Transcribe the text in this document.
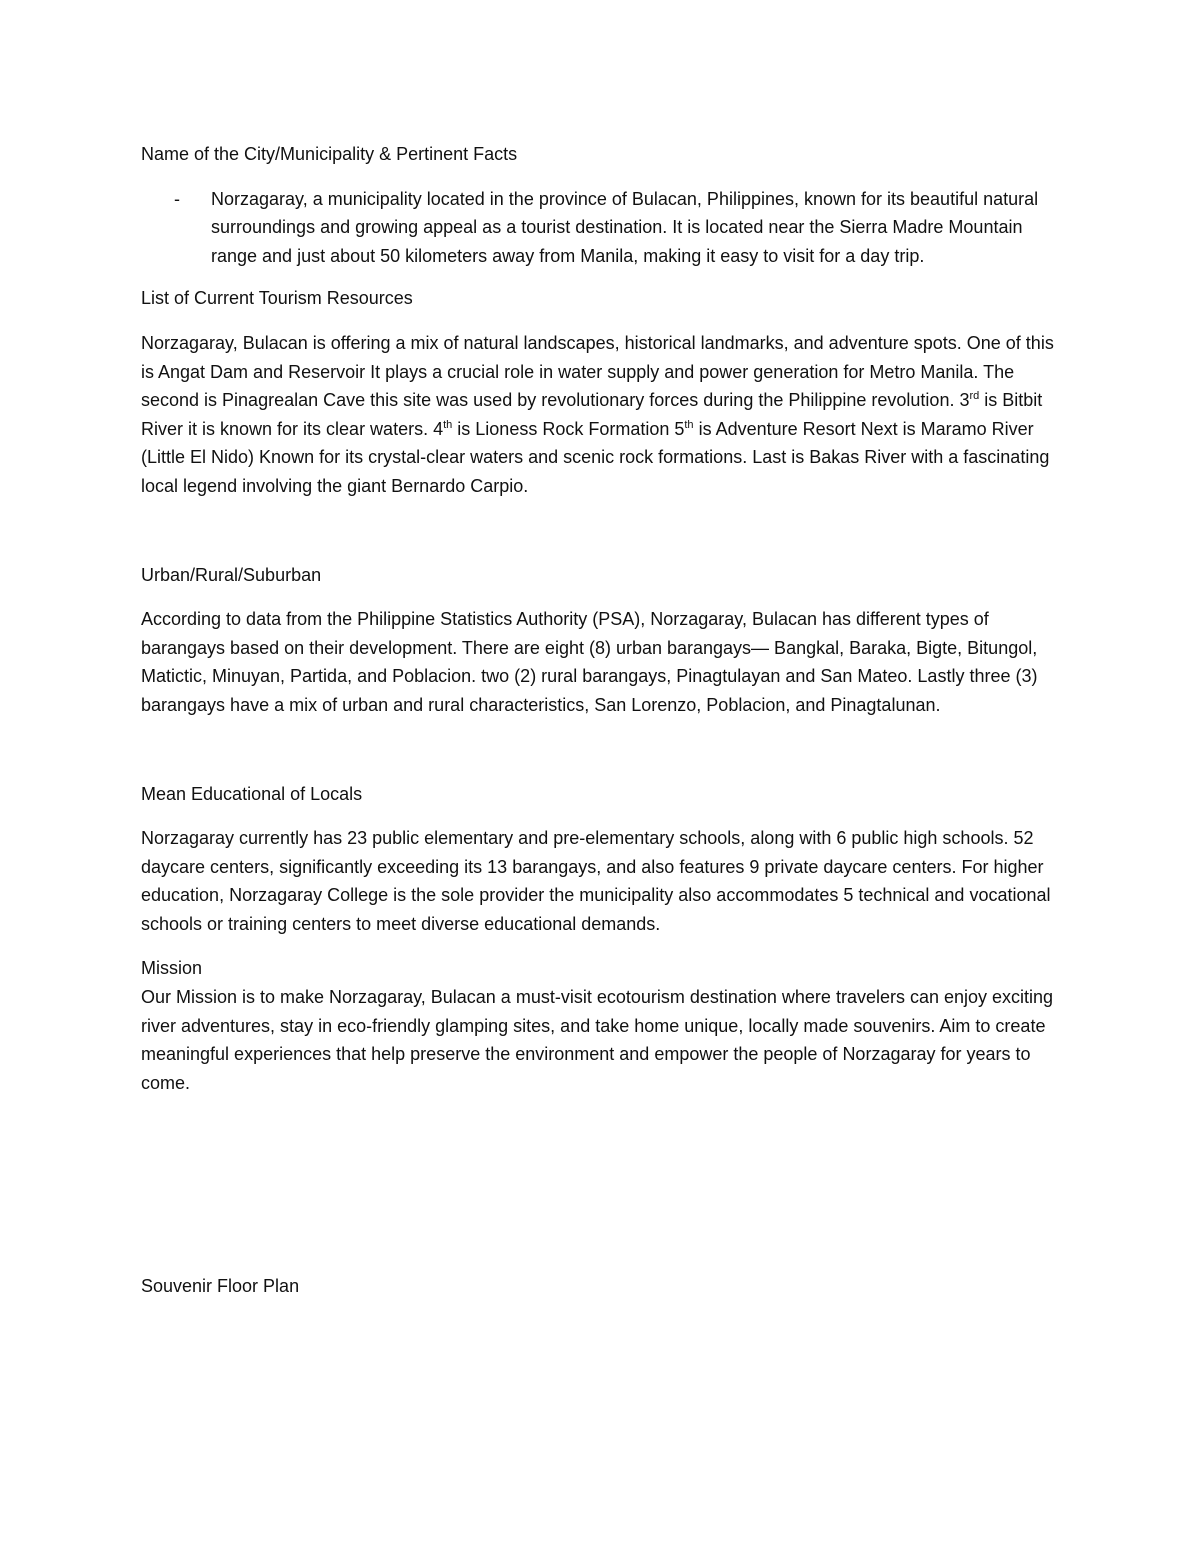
Name of the City/Municipality & Pertinent Facts

- Norzagaray, a municipality located in the province of Bulacan, Philippines, known for its beautiful natural surroundings and growing appeal as a tourist destination. It is located near the Sierra Madre Mountain range and just about 50 kilometers away from Manila, making it easy to visit for a day trip.

List of Current Tourism Resources

Norzagaray, Bulacan is offering a mix of natural landscapes, historical landmarks, and adventure spots. One of this is Angat Dam and Reservoir It plays a crucial role in water supply and power generation for Metro Manila. The second is Pinagrealan Cave this site was used by revolutionary forces during the Philippine revolution. 3rd is Bitbit River it is known for its clear waters. 4th is Lioness Rock Formation 5th is Adventure Resort Next is Maramo River (Little El Nido) Known for its crystal-clear waters and scenic rock formations. Last is Bakas River with a fascinating local legend involving the giant Bernardo Carpio.

Urban/Rural/Suburban

According to data from the Philippine Statistics Authority (PSA), Norzagaray, Bulacan has different types of barangays based on their development. There are eight (8) urban barangays— Bangkal, Baraka, Bigte, Bitungol, Matictic, Minuyan, Partida, and Poblacion. two (2) rural barangays, Pinagtulayan and San Mateo. Lastly three (3) barangays have a mix of urban and rural characteristics, San Lorenzo, Poblacion, and Pinagtalunan.

Mean Educational of Locals

Norzagaray currently has 23 public elementary and pre-elementary schools, along with 6 public high schools. 52 daycare centers, significantly exceeding its 13 barangays, and also features 9 private daycare centers. For higher education, Norzagaray College is the sole provider the municipality also accommodates 5 technical and vocational schools or training centers to meet diverse educational demands.

Mission

Our Mission is to make Norzagaray, Bulacan a must-visit ecotourism destination where travelers can enjoy exciting river adventures, stay in eco-friendly glamping sites, and take home unique, locally made souvenirs. Aim to create meaningful experiences that help preserve the environment and empower the people of Norzagaray for years to come.

Souvenir Floor Plan
